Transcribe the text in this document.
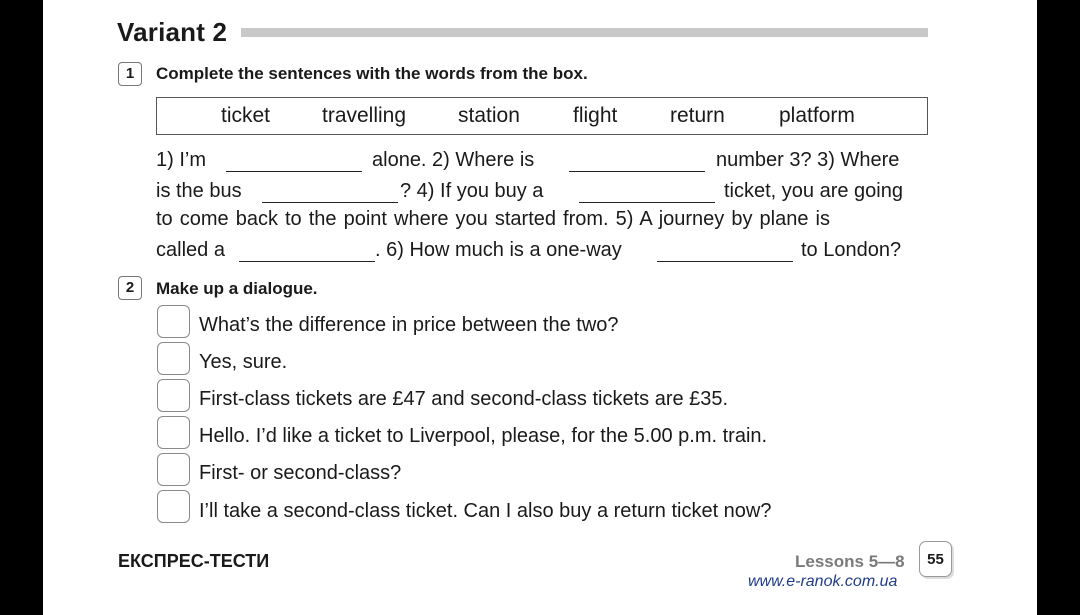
Variant 2
1	Complete the sentences with the words from the box.
ticket travelling station	flight	return	platform
1) I’m	alone. 2) Where is	number 3? 3) Where
is the bus	? 4) If you buy a	ticket, you are going
to come back to the point where you started from. 5) A journey by plane is
called a	. 6) How much is a one-way	to London?
2	Make up a dialogue.
What’s the difference in price between the two?
Yes, sure.
First-class tickets are £47 and second-class tickets are £35.
Hello. I’d like a ticket to Liverpool, please, for the 5.00 p.m. train.
First- or second-class?
I’ll take a second-class ticket. Can I also buy a return ticket now?
ЕКСПРЕС-ТЕСТИ	Lessons 5—8
www.e-ranok.com.ua
55
